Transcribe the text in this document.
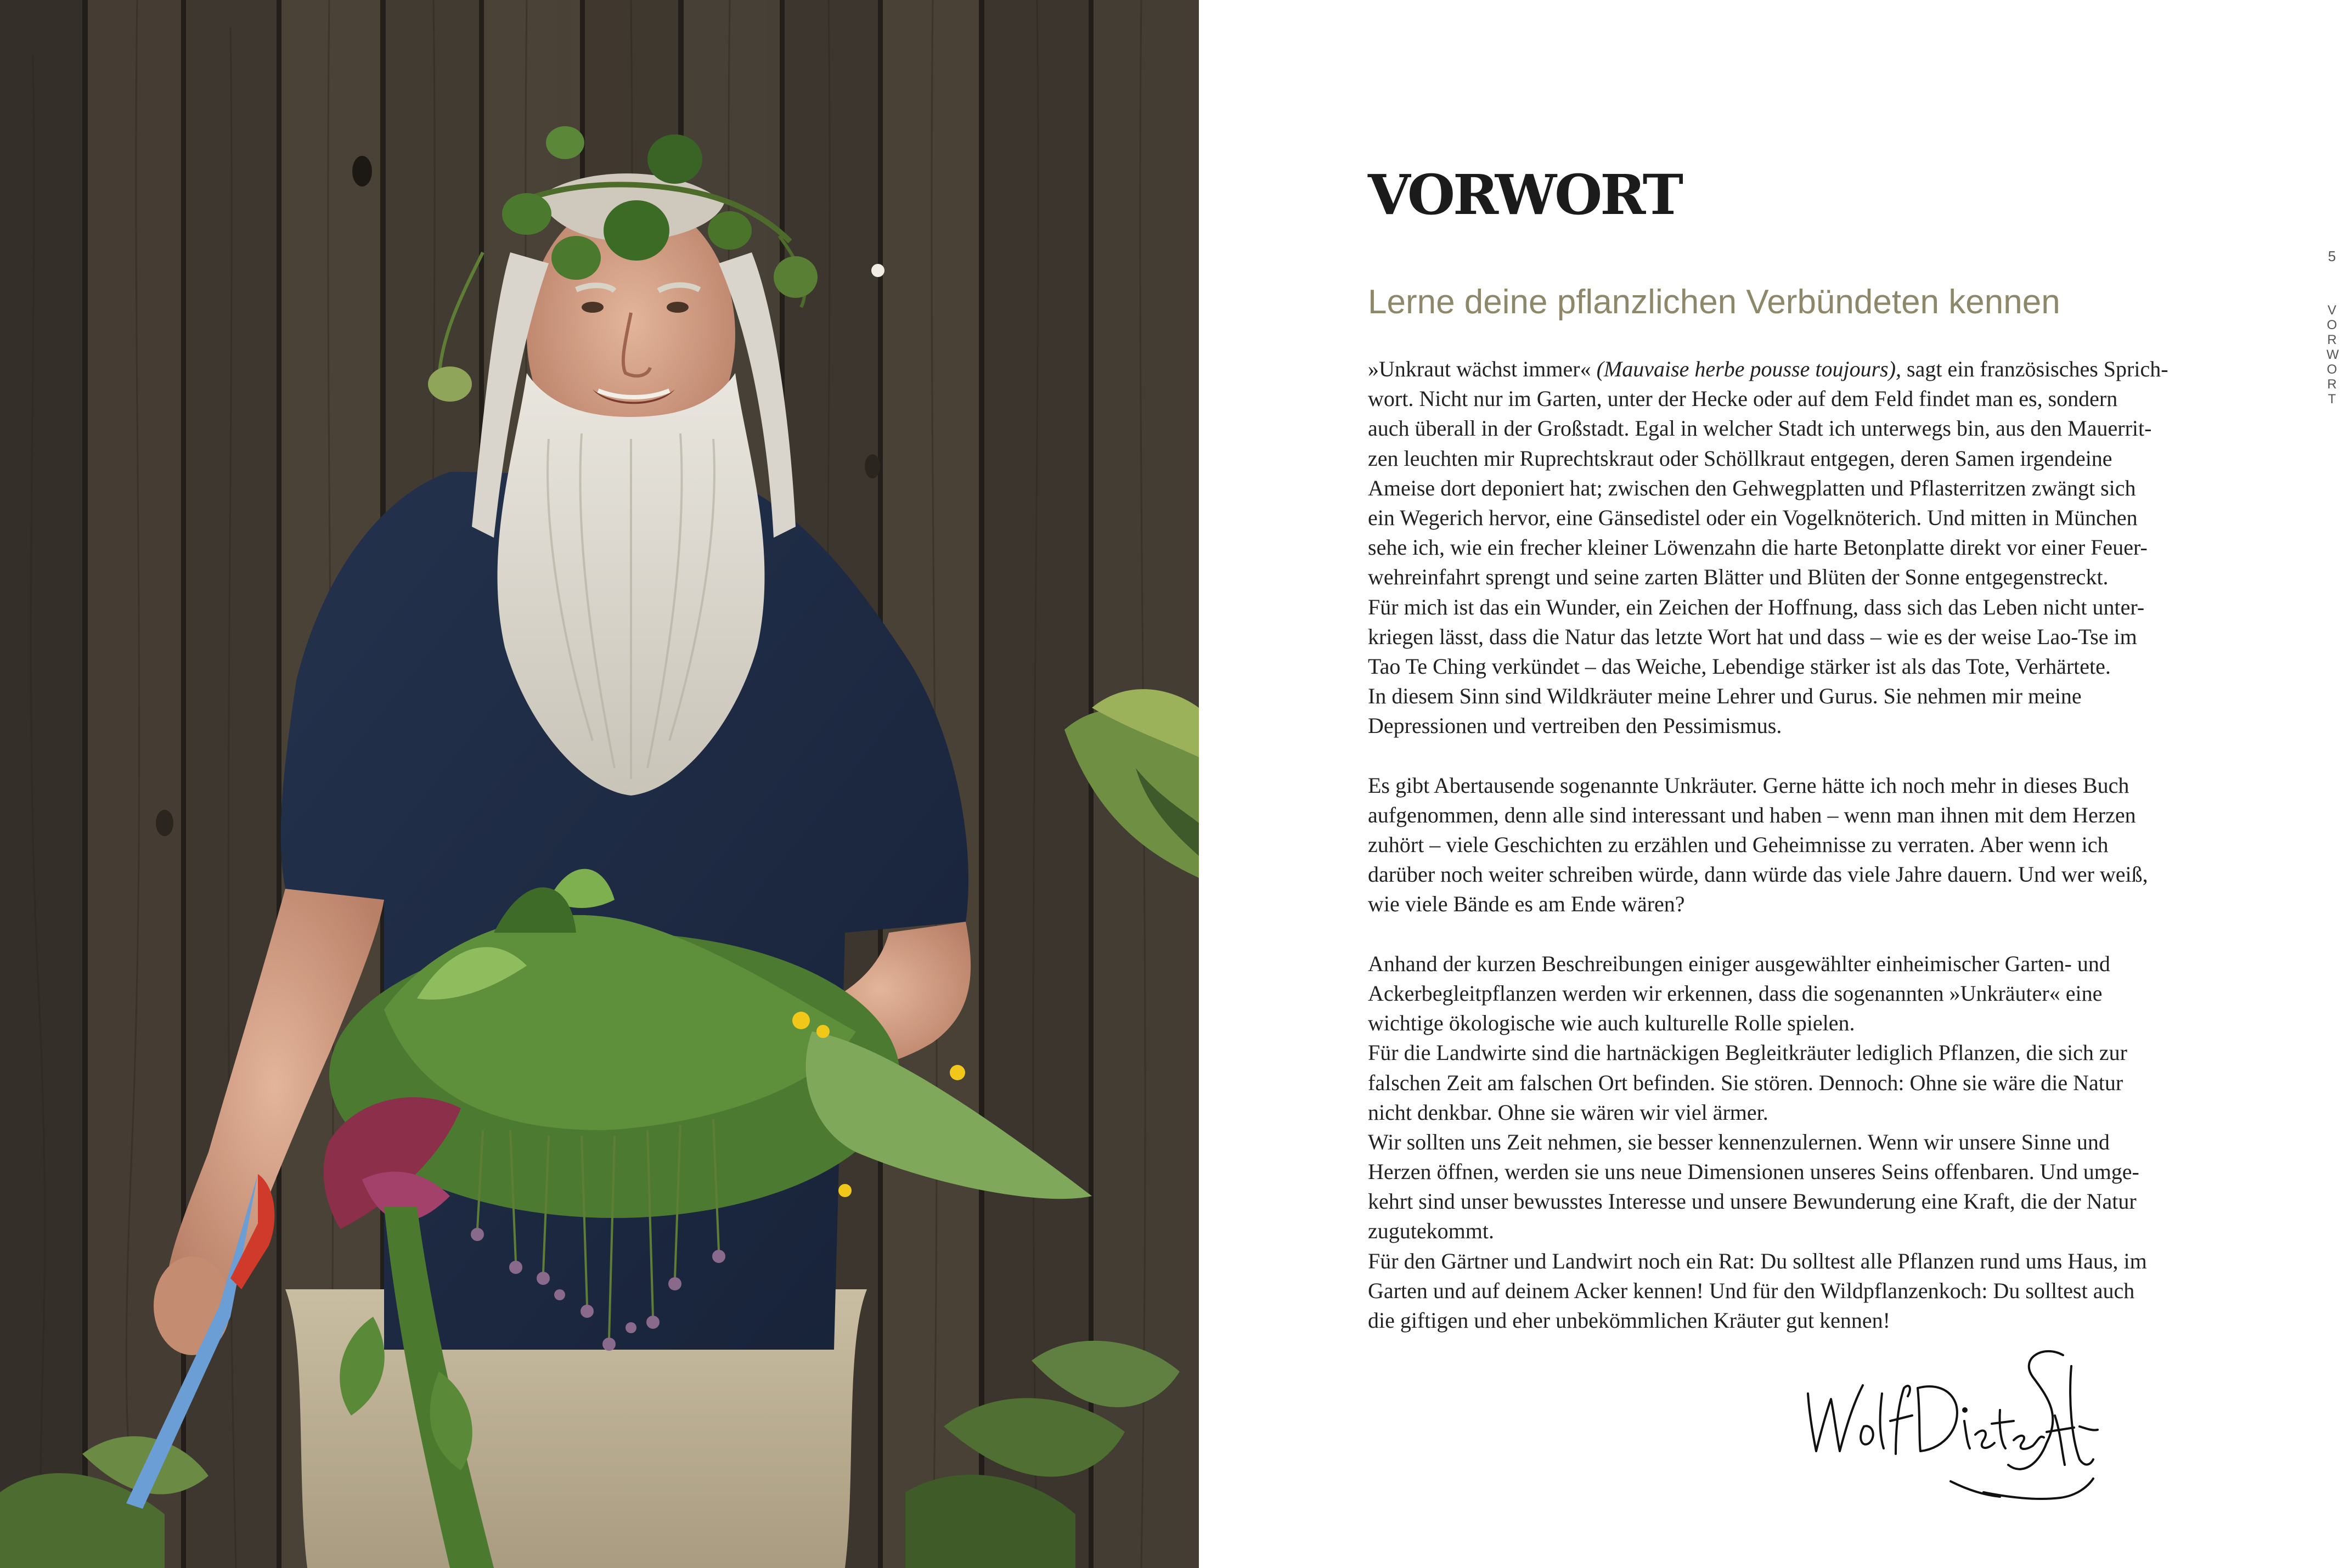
VORWORT
Lerne deine pflanzlichen Verbündeten kennen
»Unkraut wächst immer« (Mauvaise herbe pousse toujours), sagt ein französisches Sprich-
wort. Nicht nur im Garten, unter der Hecke oder auf dem Feld findet man es, sondern
auch überall in der Großstadt. Egal in welcher Stadt ich unterwegs bin, aus den Mauerrit-
zen leuchten mir Ruprechtskraut oder Schöllkraut entgegen, deren Samen irgendeine
Ameise dort deponiert hat; zwischen den Gehwegplatten und Pflasterritzen zwängt sich
ein Wegerich hervor, eine Gänsedistel oder ein Vogelknöterich. Und mitten in München
sehe ich, wie ein frecher kleiner Löwenzahn die harte Betonplatte direkt vor einer Feuer-
wehreinfahrt sprengt und seine zarten Blätter und Blüten der Sonne entgegenstreckt.
Für mich ist das ein Wunder, ein Zeichen der Hoffnung, dass sich das Leben nicht unter-
kriegen lässt, dass die Natur das letzte Wort hat und dass – wie es der weise Lao-Tse im
Tao Te Ching verkündet – das Weiche, Lebendige stärker ist als das Tote, Verhärtete.
In diesem Sinn sind Wildkräuter meine Lehrer und Gurus. Sie nehmen mir meine
Depressionen und vertreiben den Pessimismus.
Es gibt Abertausende sogenannte Unkräuter. Gerne hätte ich noch mehr in dieses Buch
aufgenommen, denn alle sind interessant und haben – wenn man ihnen mit dem Herzen
zuhört – viele Geschichten zu erzählen und Geheimnisse zu verraten. Aber wenn ich
darüber noch weiter schreiben würde, dann würde das viele Jahre dauern. Und wer weiß,
wie viele Bände es am Ende wären?
Anhand der kurzen Beschreibungen einiger ausgewählter einheimischer Garten- und
Ackerbegleitpflanzen werden wir erkennen, dass die sogenannten »Unkräuter« eine
wichtige ökologische wie auch kulturelle Rolle spielen.
Für die Landwirte sind die hartnäckigen Begleitkräuter lediglich Pflanzen, die sich zur
falschen Zeit am falschen Ort befinden. Sie stören. Dennoch: Ohne sie wäre die Natur
nicht denkbar. Ohne sie wären wir viel ärmer.
Wir sollten uns Zeit nehmen, sie besser kennenzulernen. Wenn wir unsere Sinne und
Herzen öffnen, werden sie uns neue Dimensionen unseres Seins offenbaren. Und umge-
kehrt sind unser bewusstes Interesse und unsere Bewunderung eine Kraft, die der Natur
zugutekommt.
Für den Gärtner und Landwirt noch ein Rat: Du solltest alle Pflanzen rund ums Haus, im
Garten und auf deinem Acker kennen! Und für den Wildpflanzenkoch: Du solltest auch
die giftigen und eher unbekömmlichen Kräuter gut kennen!
5
V
O
R
W
O
R
T
